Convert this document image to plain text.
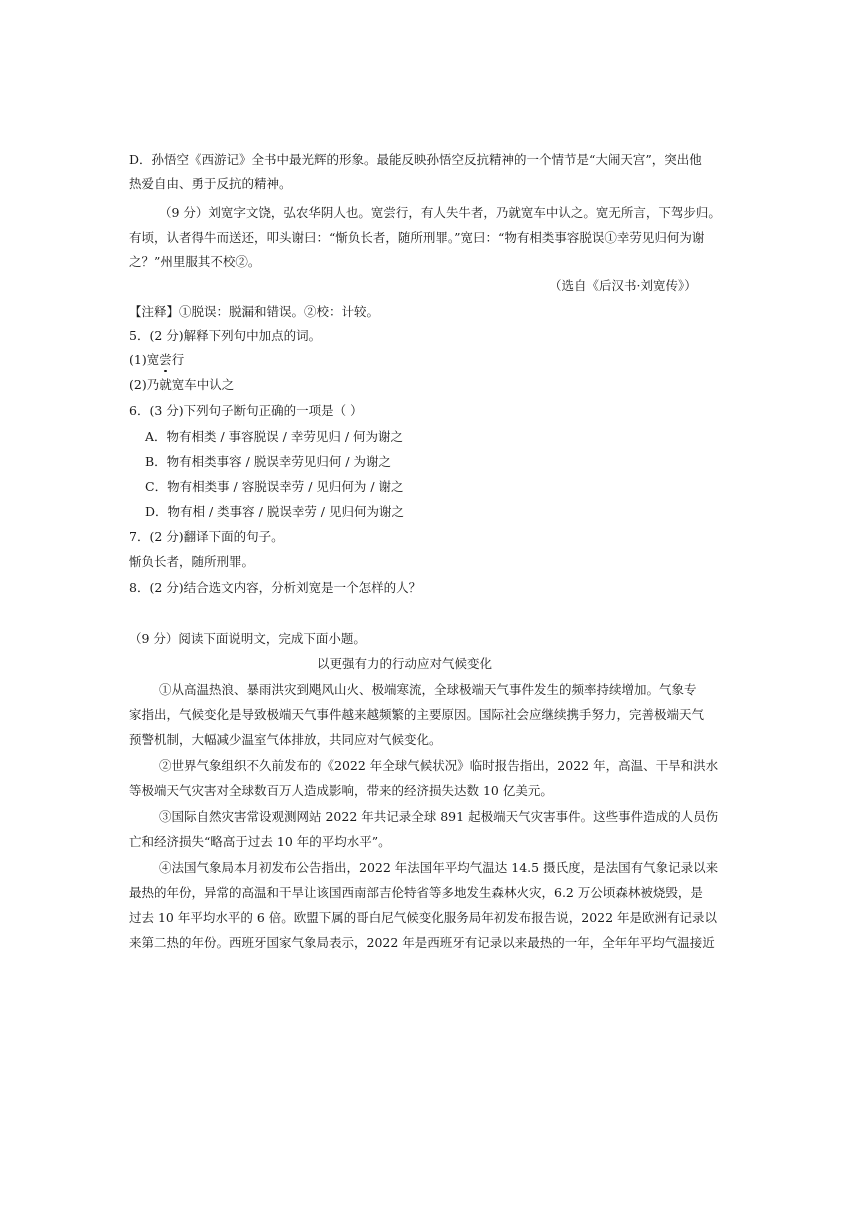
D．孙悟空《西游记》全书中最光辉的形象。最能反映孙悟空反抗精神的一个情节是“大闹天宫”，突出他
热爱自由、勇于反抗的精神。
（9 分）刘宽字文饶，弘农华阴人也。宽尝行，有人失牛者，乃就宽车中认之。宽无所言，下驾步归。
有顷，认者得牛而送还，叩头谢曰：“惭负长者，随所刑罪。”宽曰：“物有相类事容脱误①幸劳见归何为谢
之？”州里服其不校②。
（选自《后汉书·刘宽传》）
【注释】①脱误：脱漏和错误。②校：计较。
5．(2 分)解释下列句中加点的词。
(1)宽尝行
(2)乃就宽车中认之
6．(3 分)下列句子断句正确的一项是（ ）
A．物有相类 / 事容脱误 / 幸劳见归 / 何为谢之
B．物有相类事容 / 脱误幸劳见归何 / 为谢之
C．物有相类事 / 容脱误幸劳 / 见归何为 / 谢之
D．物有相 / 类事容 / 脱误幸劳 / 见归何为谢之
7．(2 分)翻译下面的句子。
惭负长者，随所刑罪。
8．(2 分)结合选文内容，分析刘宽是一个怎样的人？
（9 分）阅读下面说明文，完成下面小题。
以更强有力的行动应对气候变化
①从高温热浪、暴雨洪灾到飓风山火、极端寒流，全球极端天气事件发生的频率持续增加。气象专
家指出，气候变化是导致极端天气事件越来越频繁的主要原因。国际社会应继续携手努力，完善极端天气
预警机制，大幅减少温室气体排放，共同应对气候变化。
②世界气象组织不久前发布的《2022 年全球气候状况》临时报告指出，2022 年，高温、干旱和洪水
等极端天气灾害对全球数百万人造成影响，带来的经济损失达数 10 亿美元。
③国际自然灾害常设观测网站 2022 年共记录全球 891 起极端天气灾害事件。这些事件造成的人员伤
亡和经济损失“略高于过去 10 年的平均水平”。
④法国气象局本月初发布公告指出，2022 年法国年平均气温达 14.5 摄氏度，是法国有气象记录以来
最热的年份，异常的高温和干旱让该国西南部吉伦特省等多地发生森林火灾，6.2 万公顷森林被烧毁，是
过去 10 年平均水平的 6 倍。欧盟下属的哥白尼气候变化服务局年初发布报告说，2022 年是欧洲有记录以
来第二热的年份。西班牙国家气象局表示，2022 年是西班牙有记录以来最热的一年，全年年平均气温接近
